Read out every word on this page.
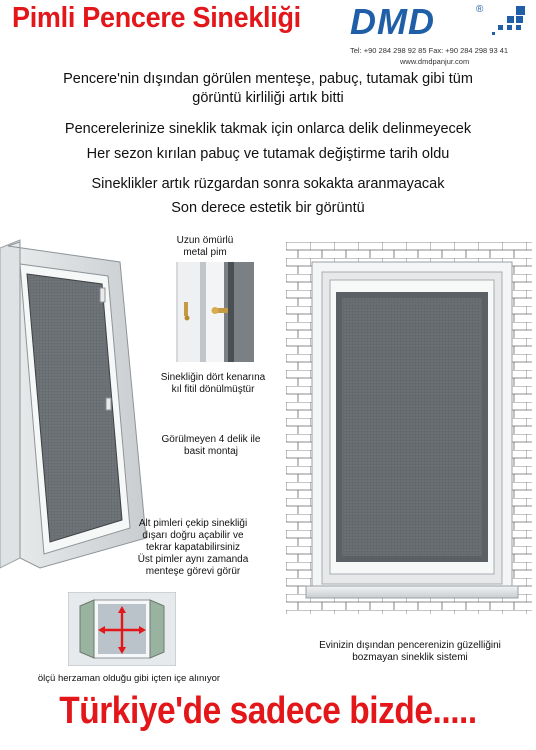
Pimli Pencere Sinekliği DMD	®
Tel: +90 284 298 92 85 Fax: +90 284 298 93 41
www.dmdpanjur.com
Pencere'nin dışından görülen menteşe, pabuç, tutamak gibi tüm
görüntü kirliliği artık bitti
Pencerelerinize sineklik takmak için onlarca delik delinmeyecek
Her sezon kırılan pabuç ve tutamak değiştirme tarih oldu
Sineklikler artık rüzgardan sonra sokakta aranmayacak
Son derece estetik bir görüntü
Uzun ömürlü
metal pim
Sinekliğin dört kenarına
kıl fitil dönülmüştür
Görülmeyen 4 delik ile
basit montaj
Alt pimleri çekip sinekliği
dışarı doğru açabilir ve
tekrar kapatabilirsiniz
Üst pimler aynı zamanda
menteşe görevi görür
ölçü herzaman olduğu gibi içten içe alınıyor
Evinizin dışından pencerenizin güzelliğini
bozmayan sineklik sistemi
Türkiye'de sadece bizde.....
